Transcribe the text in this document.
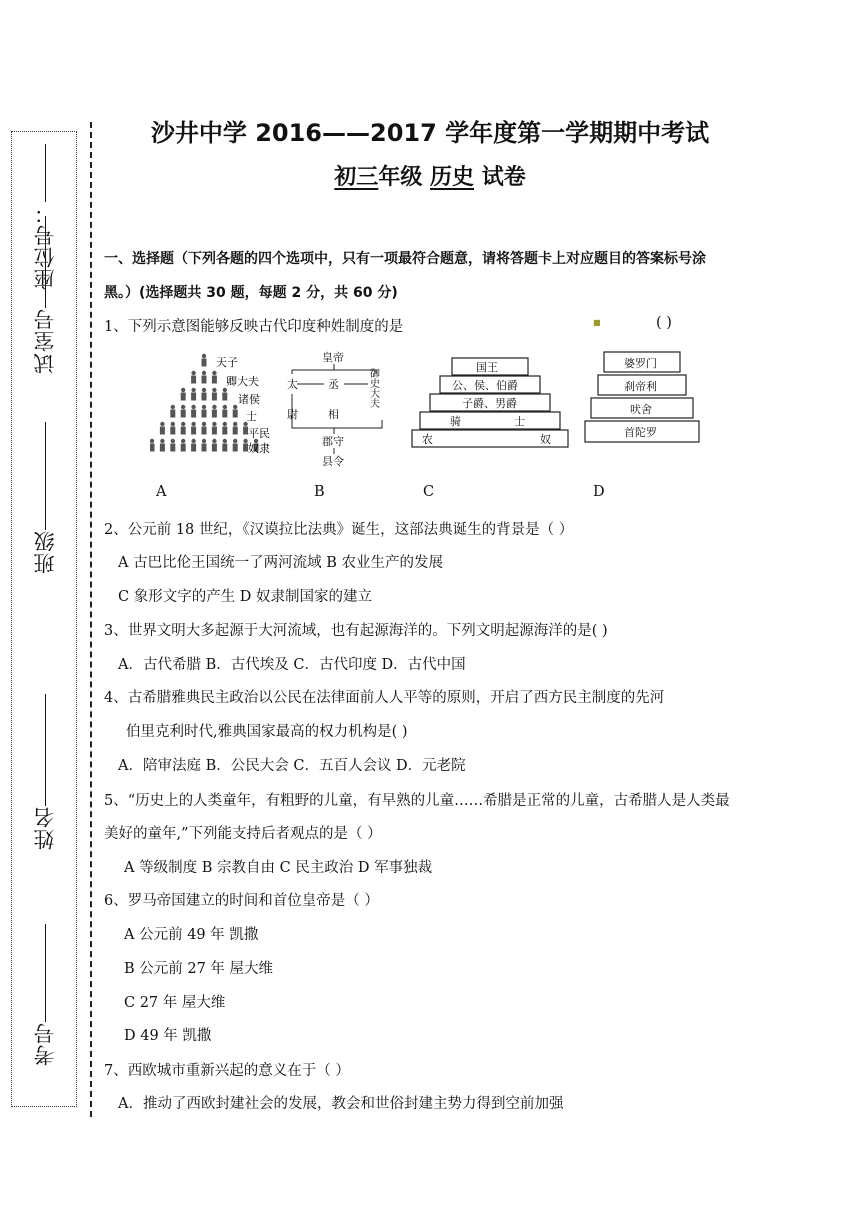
座位号：
试室号
班级
姓名
考号
沙井中学 2016——2017 学年度第一学期期中考试
初三年级 历史 试卷
一、选择题（下列各题的四个选项中，只有一项最符合题意，请将答题卡上对应题目的答案标号涂
黑。）(选择题共 30 题，每题 2 分，共 60 分)
1、下列示意图能够反映古代印度种姓制度的是	■	( )
天子
卿大夫
诸侯
士
平民
奴隶
A
皇帝
太
尉
丞
相
御史大夫
郡守
县令
B
国王
公、侯、伯爵
子爵、男爵
骑	士
农	奴
C
婆罗门
刹帝利
吠舍
首陀罗
D
2、公元前 18 世纪，《汉谟拉比法典》诞生，这部法典诞生的背景是（ ）
A 古巴比伦王国统一了两河流域 B 农业生产的发展
C 象形文字的产生 D 奴隶制国家的建立
3、世界文明大多起源于大河流域，也有起源海洋的。下列文明起源海洋的是( )
A．古代希腊 B．古代埃及 C．古代印度 D．古代中国
4、古希腊雅典民主政治以公民在法律面前人人平等的原则，开启了西方民主制度的先河
伯里克利时代,雅典国家最高的权力机构是( )
A．陪审法庭 B．公民大会 C．五百人会议 D．元老院
5、“历史上的人类童年，有粗野的儿童，有早熟的儿童……希腊是正常的儿童，古希腊人是人类最
美好的童年,”下列能支持后者观点的是（ ）
A 等级制度 B 宗教自由 C 民主政治 D 军事独裁
6、罗马帝国建立的时间和首位皇帝是（ ）
A 公元前 49 年 凯撒
B 公元前 27 年 屋大维
C 27 年 屋大维
D 49 年 凯撒
7、西欧城市重新兴起的意义在于（ ）
A．推动了西欧封建社会的发展，教会和世俗封建主势力得到空前加强
